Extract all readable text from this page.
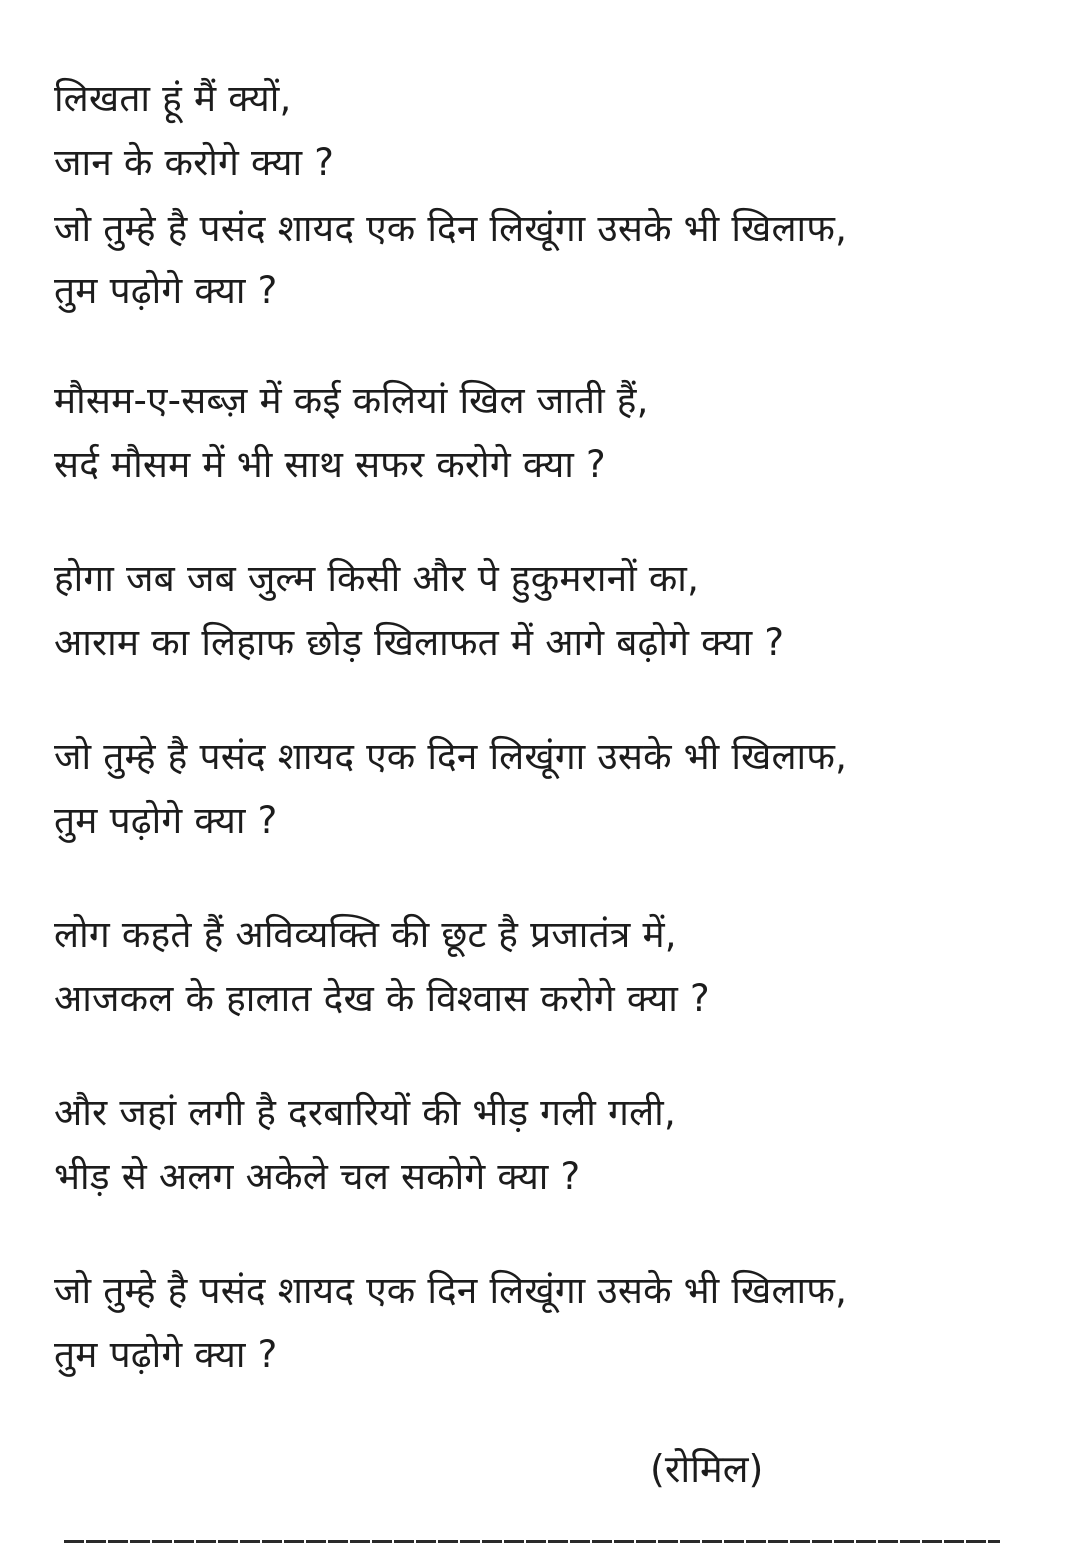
लिखता हूं मैं क्यों,
जान के करोगे क्या ?
जो तुम्हे है पसंद शायद एक दिन लिखूंगा उसके भी खिलाफ,
तुम पढ़ोगे क्या ?
मौसम-ए-सब्ज़ में कई कलियां खिल जाती हैं,
सर्द मौसम में भी साथ सफर करोगे क्या ?
होगा जब जब जुल्म किसी और पे हुकुमरानों का,
आराम का लिहाफ छोड़ खिलाफत में आगे बढ़ोगे क्या ?
जो तुम्हे है पसंद शायद एक दिन लिखूंगा उसके भी खिलाफ,
तुम पढ़ोगे क्या ?
लोग कहते हैं अविव्यक्ति की छूट है प्रजातंत्र में,
आजकल के हालात देख के विश्वास करोगे क्या ?
और जहां लगी है दरबारियों की भीड़ गली गली,
भीड़ से अलग अकेले चल सकोगे क्या ?
जो तुम्हे है पसंद शायद एक दिन लिखूंगा उसके भी खिलाफ,
तुम पढ़ोगे क्या ?
(रोमिल)
